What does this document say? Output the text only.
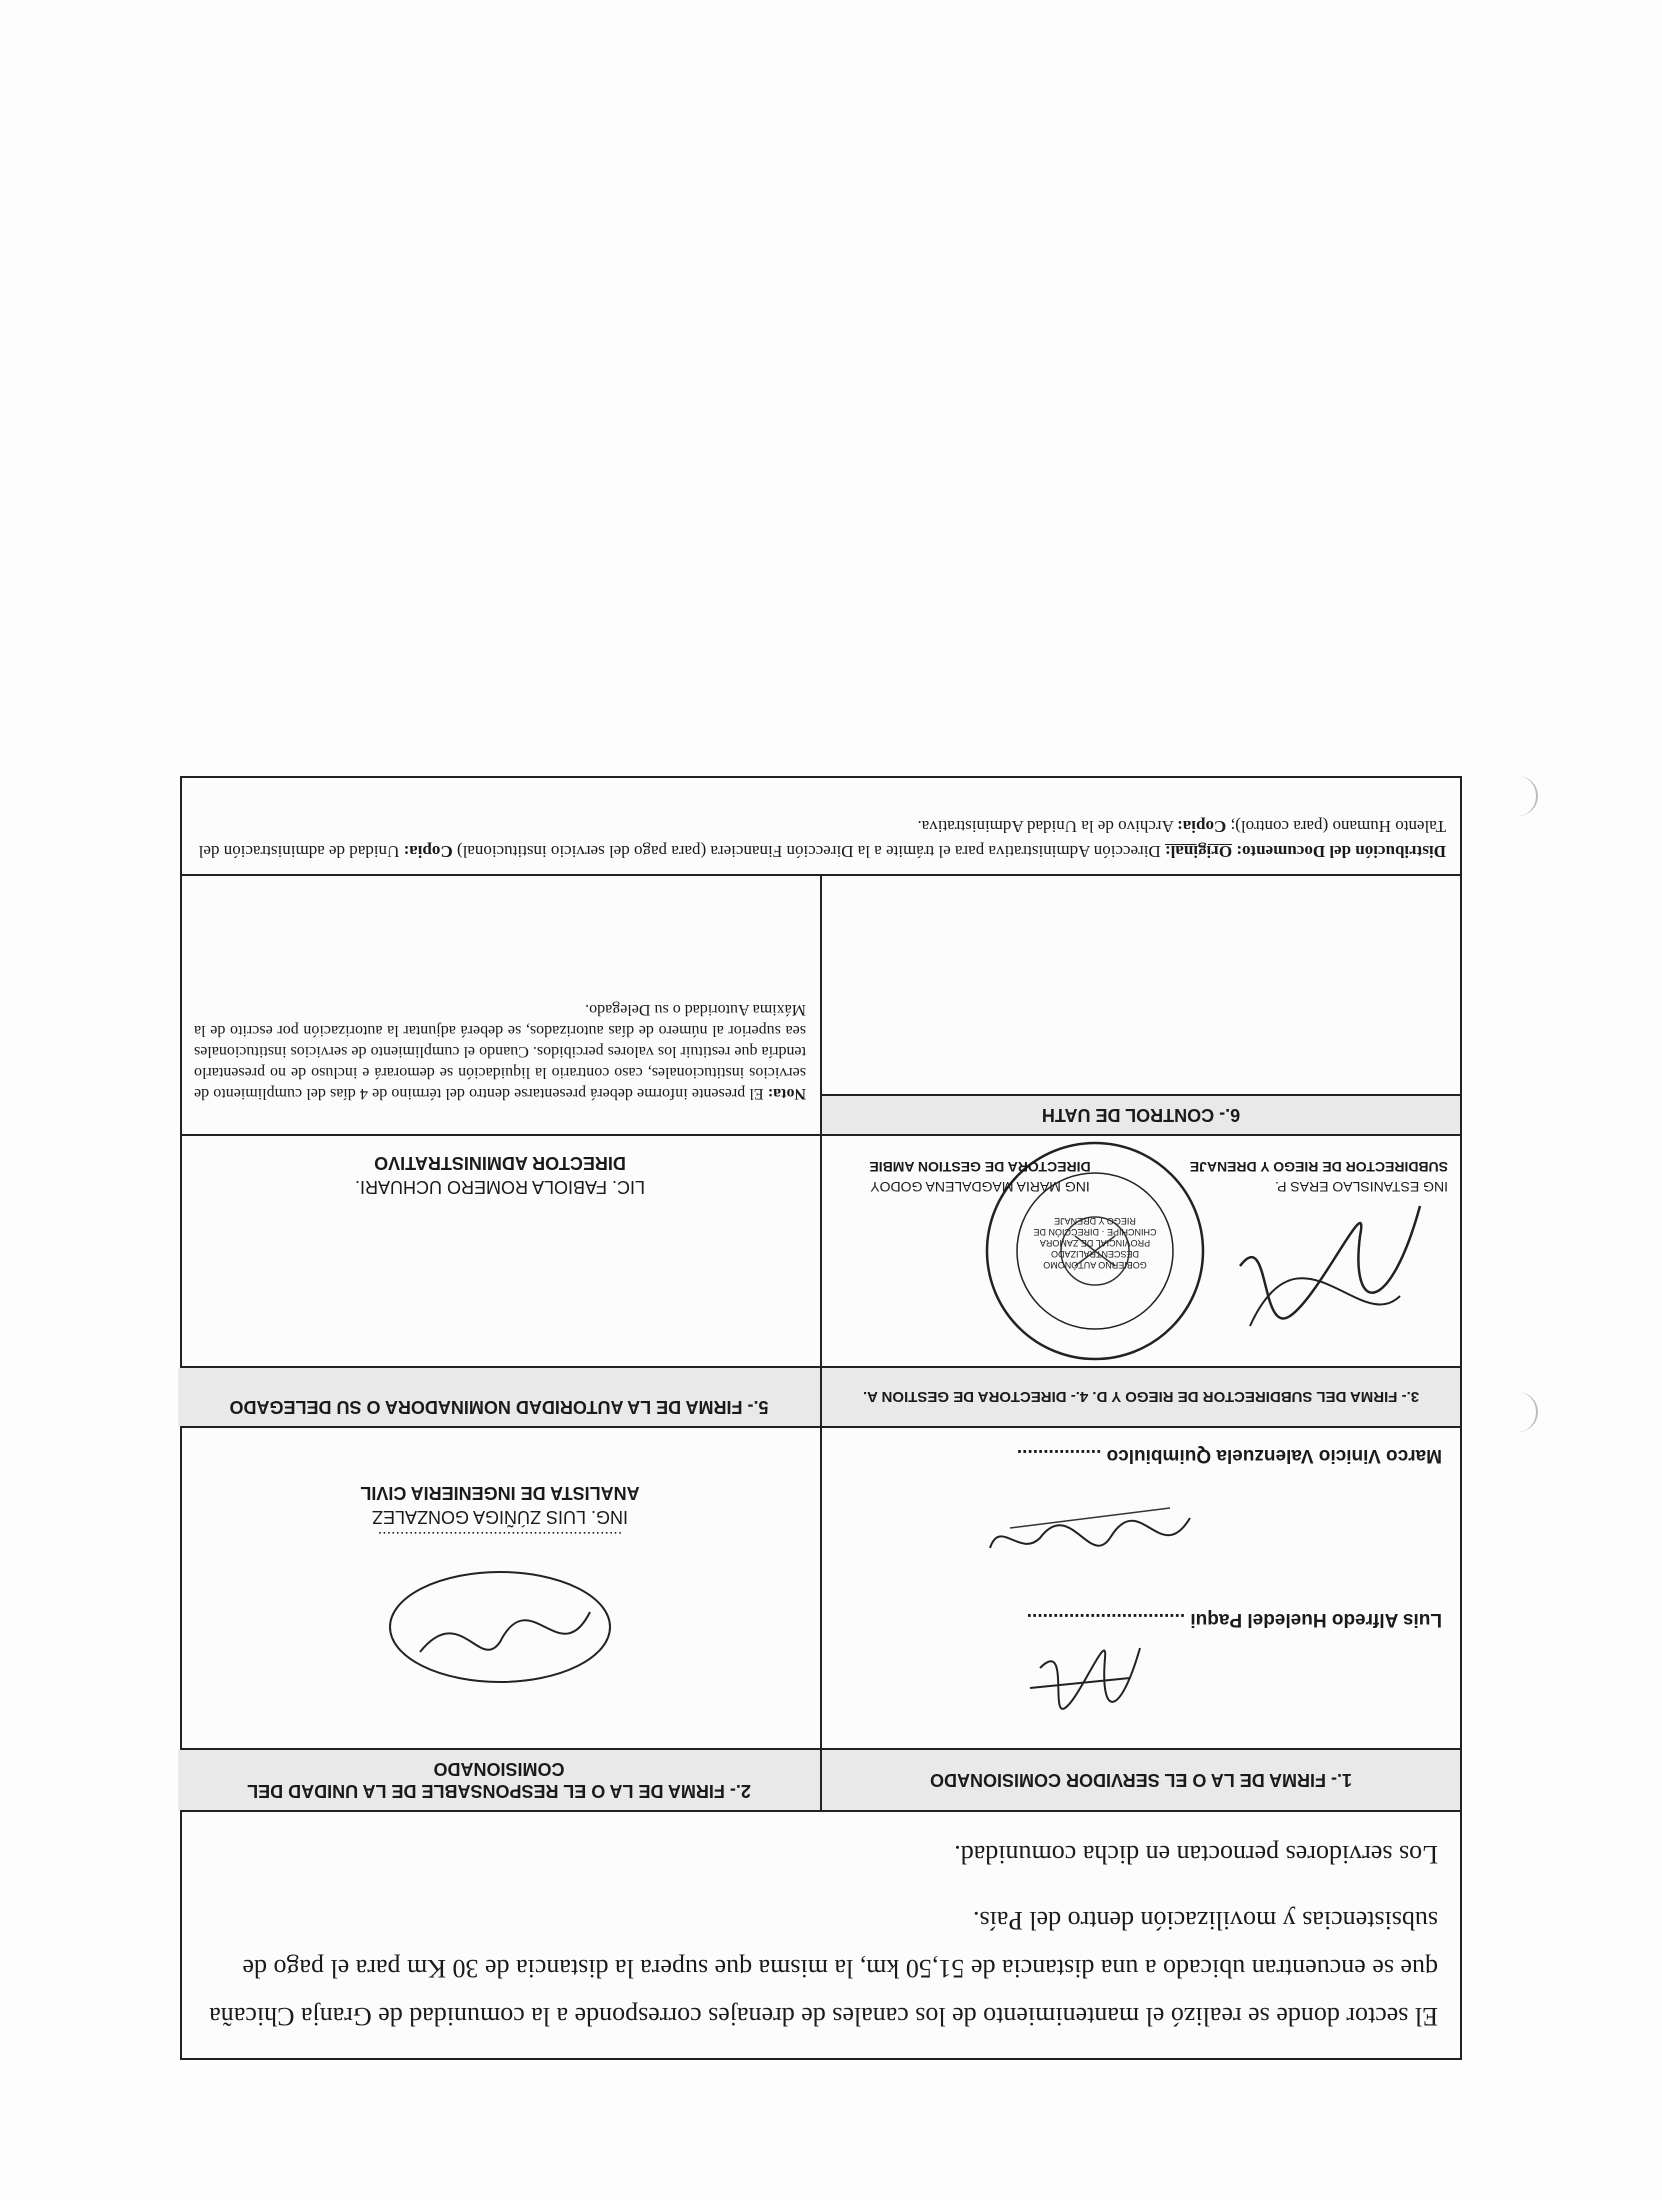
El sector donde se realizó el mantenimiento de los canales de drenajes corresponde a la comunidad de Granja Chicaña que se encuentran ubicado a una distancia de 51,50 km, la misma que supera la distancia de 30 Km para el pago de subsistencias y movilización dentro del País.

Los servidores pernoctan en dicha comunidad.

1.- FIRMA DE LA O EL SERVIDOR COMISIONADO
2.- FIRMA DE LA O EL RESPONSABLE DE LA UNIDAD DEL COMISIONADO
Luis Alfredo Hueledel Paqui ..............................
Marco Vinicio Valenzuela Quimbiulco ................
.......................................................
ING. LUIS ZÚÑIGA GONZALEZ
ANALISTA DE INGENIERIA CIVIL
3.- FIRMA DEL SUBDIRECTOR DE RIEGO Y D. 4.- DIRECTORA DE GESTION A.
5.- FIRMA DE LA AUTORIDAD NOMINADORA O SU DELEGADO
GOBIERNO AUTÓNOMO DESCENTRALIZADO PROVINCIAL DE ZAMORA CHINCHIPE · DIRECCIÓN DE RIEGO Y DRENAJE
ING ESTANISLAO ERAS P.
SUBDIRECTOR DE RIEGO Y DRENAJE
ING MARIA MAGDALENA GODOY
DIRECTORA DE GESTION AMBIE
LIC. FABIOLA ROMERO UCHUARI.
DIRECTOR ADMINISTRATIVO
6.- CONTROL DE UATH
Nota: El presente informe deberá presentarse dentro del término de 4 días del cumplimiento de servicios institucionales, caso contrario la liquidación se demorará e incluso de no presentarlo tendría que restituir los valores percibidos. Cuando el cumplimiento de servicios institucionales sea superior al número de días autorizados, se deberá adjuntar la autorización por escrito de la Máxima Autoridad o su Delegado.
Distribución del Documento: Original: Dirección Administrativa para el trámite a la Dirección Financiera (para pago del servicio institucional) Copia: Unidad de administración del Talento Humano (para control); Copia: Archivo de la Unidad Administrativa.
